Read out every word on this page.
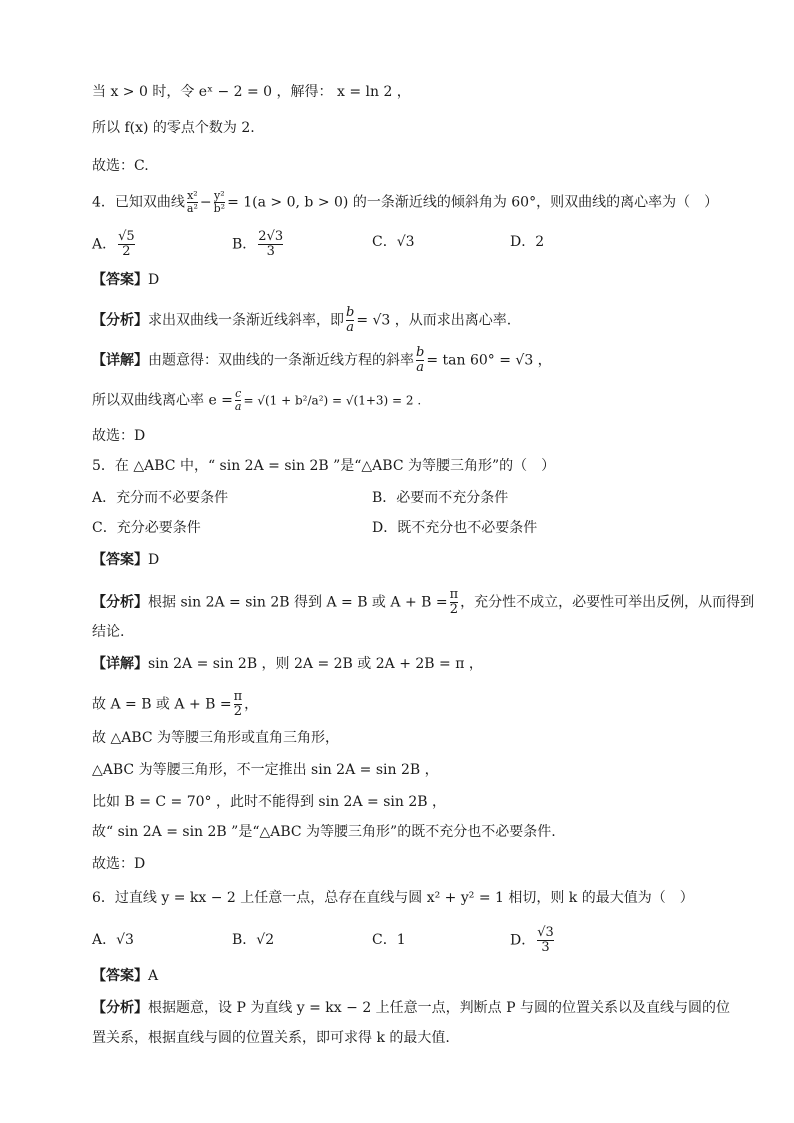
当 x > 0 时，令 eˣ − 2 = 0 ，解得： x = ln 2 ，
所以 f(x) 的零点个数为 2.
故选：C.
4．已知双曲线 $\frac{\text{x²}}{\text{a²}} - \frac{\text{y²}}{\text{b²}} = 1(a > 0$, b > 0) 的一条渐近线的倾斜角为 60°，则双曲线的离心率为（　）
A． $\frac{√5}{2}$	B． $\frac{2√3}{3}$	C．√3	D．2
【答案】D
【分析】求出双曲线一条渐近线斜率，即 $\frac{b}{a} = √3$ ，从而求出离心率.
【详解】由题意得：双曲线的一条渐近线方程的斜率 $\frac{b}{a} = \tan 60^\circ = √3$ ，
所以双曲线离心率 $e = \frac{c}{a} = √(1 + b^2/a^2) = √(1+3) = 2$ .
故选：D
5．在 △ABC 中，“ sin 2A = sin 2B ”是“△ABC 为等腰三角形”的（　）
A．充分而不必要条件	B．必要而不充分条件
C．充分必要条件	D．既不充分也不必要条件
【答案】D
【分析】根据 sin 2A = sin 2B 得到 A = B 或 $A + B = \frac{\pi}{2}$ ，充分性不成立，必要性可举出反例，从而得到
结论.
【详解】sin 2A = sin 2B ，则 2A = 2B 或 2A + 2B = π ，
故 A = B 或 $A + B = \frac{\pi}{2}$ ，
故 △ABC 为等腰三角形或直角三角形，
△ABC 为等腰三角形，不一定推出 sin 2A = sin 2B ，
比如 B = C = 70° ，此时不能得到 sin 2A = sin 2B ，
故“ sin 2A = sin 2B ”是“△ABC 为等腰三角形”的既不充分也不必要条件.
故选：D
6．过直线 y = kx − 2 上任意一点，总存在直线与圆 x² + y² = 1 相切，则 k 的最大值为（　）
A．√3	B．√2	C．1	D． $\frac{√3}{3}$
【答案】A
【分析】根据题意，设 P 为直线 y = kx − 2 上任意一点，判断点 P 与圆的位置关系以及直线与圆的位
置关系，根据直线与圆的位置关系，即可求得 k 的最大值.
